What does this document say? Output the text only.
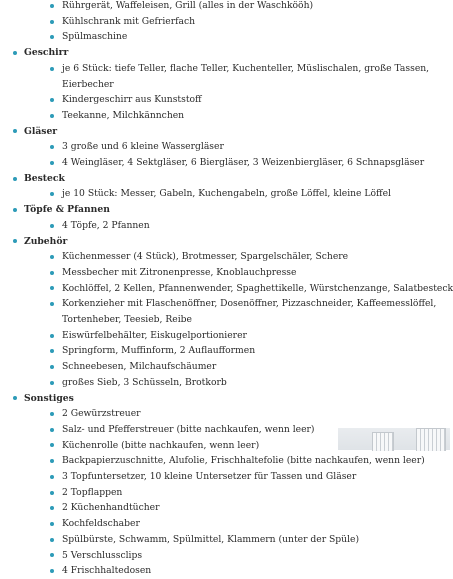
Rührgerät, Waffeleisen, Grill (alles in der Waschkööh)
Kühlschrank mit Gefrierfach
Spülmaschine
Geschirr
je 6 Stück: tiefe Teller, flache Teller, Kuchenteller, Müslischalen, große Tassen,
Eierbecher
Kindergeschirr aus Kunststoff
Teekanne, Milchkännchen
Gläser
3 große und 6 kleine Wassergläser
4 Weingläser, 4 Sektgläser, 6 Biergläser, 3 Weizenbiergläser, 6 Schnapsgläser
Besteck
je 10 Stück: Messer, Gabeln, Kuchengabeln, große Löffel, kleine Löffel
Töpfe & Pfannen
4 Töpfe, 2 Pfannen
Zubehör
Küchenmesser (4 Stück), Brotmesser, Spargelschäler, Schere
Messbecher mit Zitronenpresse, Knoblauchpresse
Kochlöffel, 2 Kellen, Pfannenwender, Spaghettikelle, Würstchenzange, Salatbesteck
Korkenzieher mit Flaschenöffner, Dosenöffner, Pizzaschneider, Kaffeemesslöffel,
Tortenheber, Teesieb, Reibe
Eiswürfelbehälter, Eiskugelportionierer
Springform, Muffinform, 2 Auflaufformen
Schneebesen, Milchaufschäumer
großes Sieb, 3 Schüsseln, Brotkorb
Sonstiges
2 Gewürzstreuer
Salz- und Pfefferstreuer (bitte nachkaufen, wenn leer)
Küchenrolle (bitte nachkaufen, wenn leer)
Backpapierzuschnitte, Alufolie, Frischhaltefolie (bitte nachkaufen, wenn leer)
3 Topfuntersetzer, 10 kleine Untersetzer für Tassen und Gläser
2 Topflappen
2 Küchenhandtücher
Kochfeldschaber
Spülbürste, Schwamm, Spülmittel, Klammern (unter der Spüle)
5 Verschlussclips
4 Frischhaltedosen
